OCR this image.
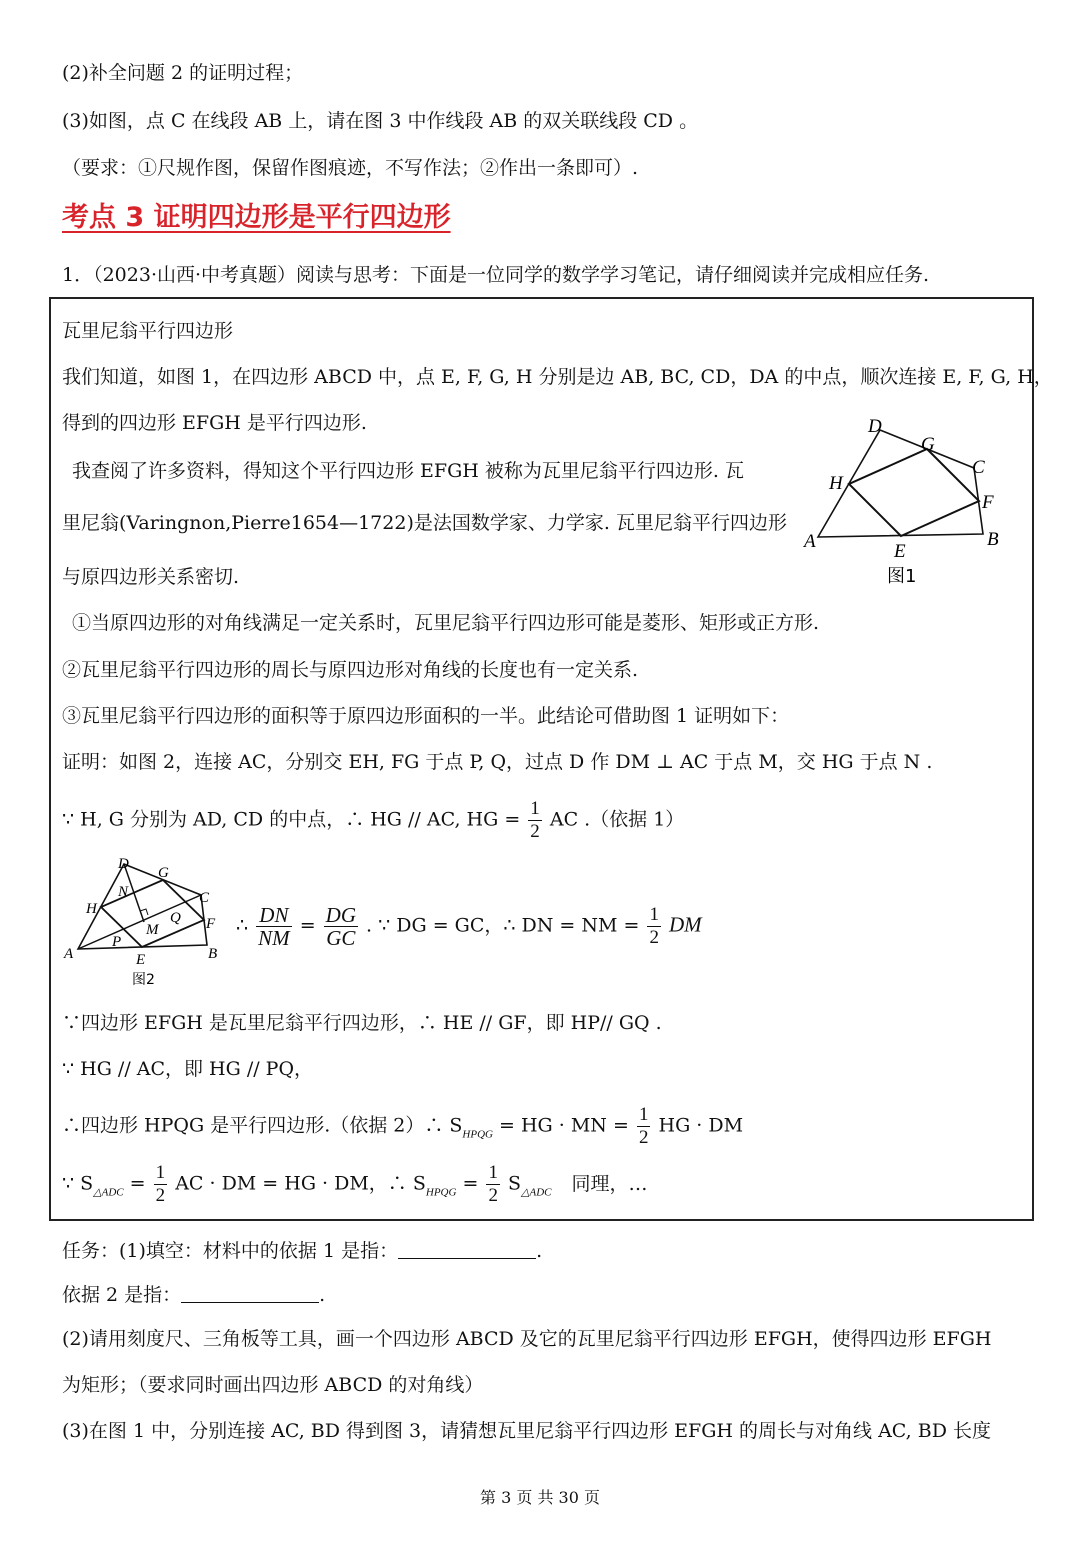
(2)补全问题 2 的证明过程；
(3)如图，点 C 在线段 AB 上，请在图 3 中作线段 AB 的双关联线段 CD 。
（要求：①尺规作图，保留作图痕迹，不写作法；②作出一条即可）.
考点 3 证明四边形是平行四边形
1．（2023·山西·中考真题）阅读与思考：下面是一位同学的数学学习笔记，请仔细阅读并完成相应任务.
瓦里尼翁平行四边形
我们知道，如图 1，在四边形 ABCD 中，点 E, F, G, H 分别是边 AB, BC, CD，DA 的中点，顺次连接 E, F, G, H，
得到的四边形 EFGH 是平行四边形.
我查阅了许多资料，得知这个平行四边形 EFGH 被称为瓦里尼翁平行四边形. 瓦
里尼翁(Varingnon,Pierre1654—1722)是法国数学家、力学家. 瓦里尼翁平行四边形
与原四边形关系密切.
A	B
C
D
E
F
G
H
图1
①当原四边形的对角线满足一定关系时，瓦里尼翁平行四边形可能是菱形、矩形或正方形.
②瓦里尼翁平行四边形的周长与原四边形对角线的长度也有一定关系.
③瓦里尼翁平行四边形的面积等于原四边形面积的一半。此结论可借助图 1 证明如下：
证明：如图 2，连接 AC，分别交 EH, FG 于点 P, Q，过点 D 作 DM ⊥ AC 于点 M，交 HG 于点 N .
∵ H, G 分别为 AD, CD 的中点，∴ HG // AC, HG = $\frac{1}{2}$ AC .（依据 1）
A	B
C
D
E
F
G
H
N
M
P
Q
图2
∴ $\frac{DN}{NM} = \frac{DG}{GC}$ . ∵ DG = GC，∴ DN = NM = $\frac{1}{2}$ DM
∵四边形 EFGH 是瓦里尼翁平行四边形，∴ HE // GF，即 HP// GQ .
∵ HG // AC，即 HG // PQ，
∴四边形 HPQG 是平行四边形.（依据 2）∴ $S_{HPQG}$ = HG · MN = $\frac{1}{2}$ HG · DM
∵ $S_{\triangle ADC} = \frac{1}{2}$ AC · DM = HG · DM，∴ $S_{HPQG} = \frac{1}{2} S_{\triangle ADC}$ 同理，…
任务：(1)填空：材料中的依据 1 是指：	.
依据 2 是指：	.
(2)请用刻度尺、三角板等工具，画一个四边形 ABCD 及它的瓦里尼翁平行四边形 EFGH，使得四边形 EFGH
为矩形；（要求同时画出四边形 ABCD 的对角线）
(3)在图 1 中，分别连接 AC, BD 得到图 3，请猜想瓦里尼翁平行四边形 EFGH 的周长与对角线 AC, BD 长度
第 3 页 共 30 页
